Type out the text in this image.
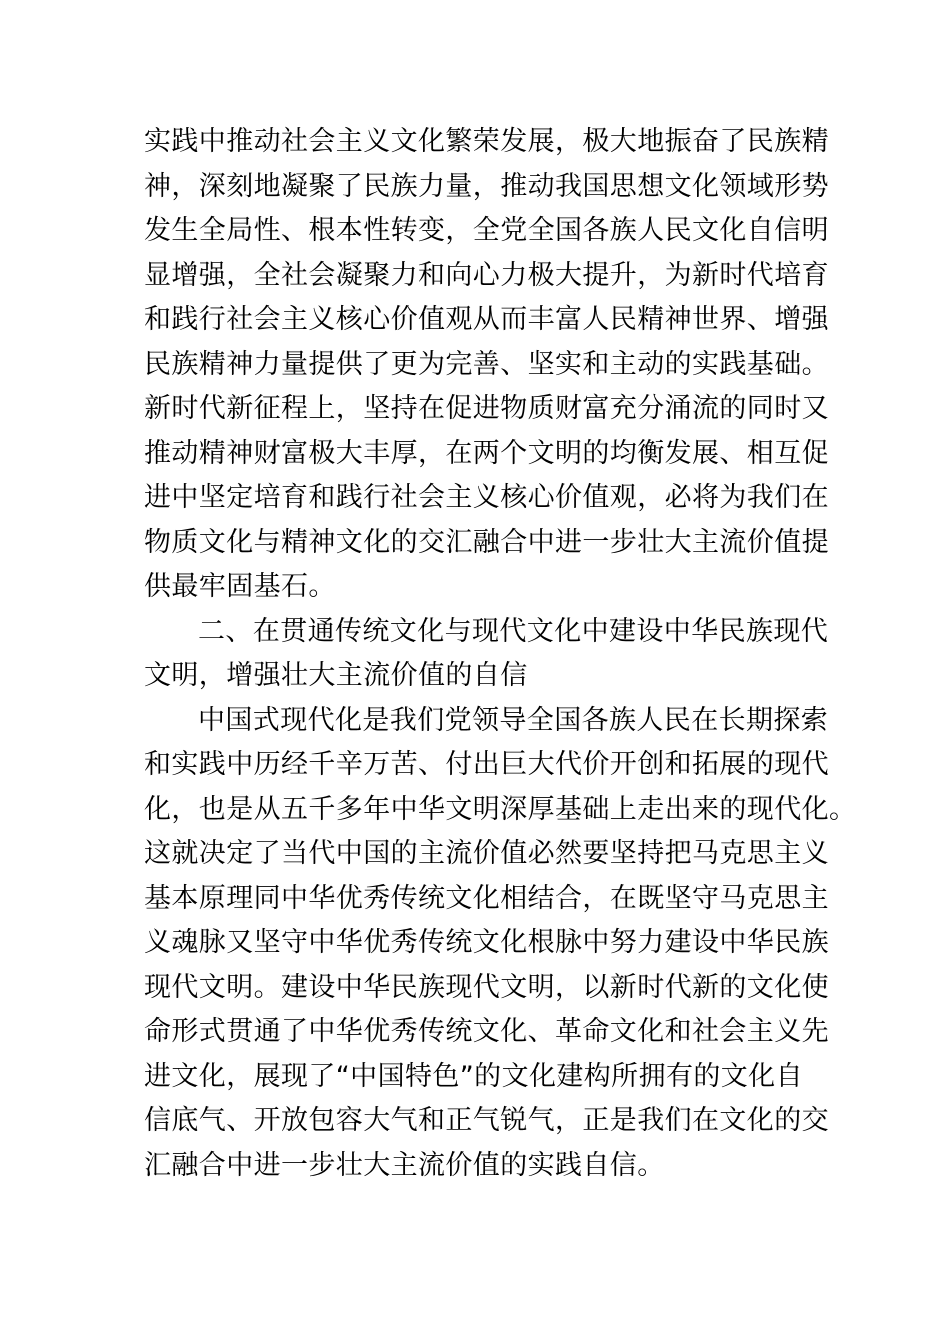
实践中推动社会主义文化繁荣发展，极大地振奋了民族精
神，深刻地凝聚了民族力量，推动我国思想文化领域形势
发生全局性、根本性转变，全党全国各族人民文化自信明
显增强，全社会凝聚力和向心力极大提升，为新时代培育
和践行社会主义核心价值观从而丰富人民精神世界、增强
民族精神力量提供了更为完善、坚实和主动的实践基础。
新时代新征程上，坚持在促进物质财富充分涌流的同时又
推动精神财富极大丰厚，在两个文明的均衡发展、相互促
进中坚定培育和践行社会主义核心价值观，必将为我们在
物质文化与精神文化的交汇融合中进一步壮大主流价值提
供最牢固基石。
二、在贯通传统文化与现代文化中建设中华民族现代
文明，增强壮大主流价值的自信
中国式现代化是我们党领导全国各族人民在长期探索
和实践中历经千辛万苦、付出巨大代价开创和拓展的现代
化，也是从五千多年中华文明深厚基础上走出来的现代化。
这就决定了当代中国的主流价值必然要坚持把马克思主义
基本原理同中华优秀传统文化相结合，在既坚守马克思主
义魂脉又坚守中华优秀传统文化根脉中努力建设中华民族
现代文明。建设中华民族现代文明，以新时代新的文化使
命形式贯通了中华优秀传统文化、革命文化和社会主义先
进文化，展现了“中国特色”的文化建构所拥有的文化自
信底气、开放包容大气和正气锐气，正是我们在文化的交
汇融合中进一步壮大主流价值的实践自信。
